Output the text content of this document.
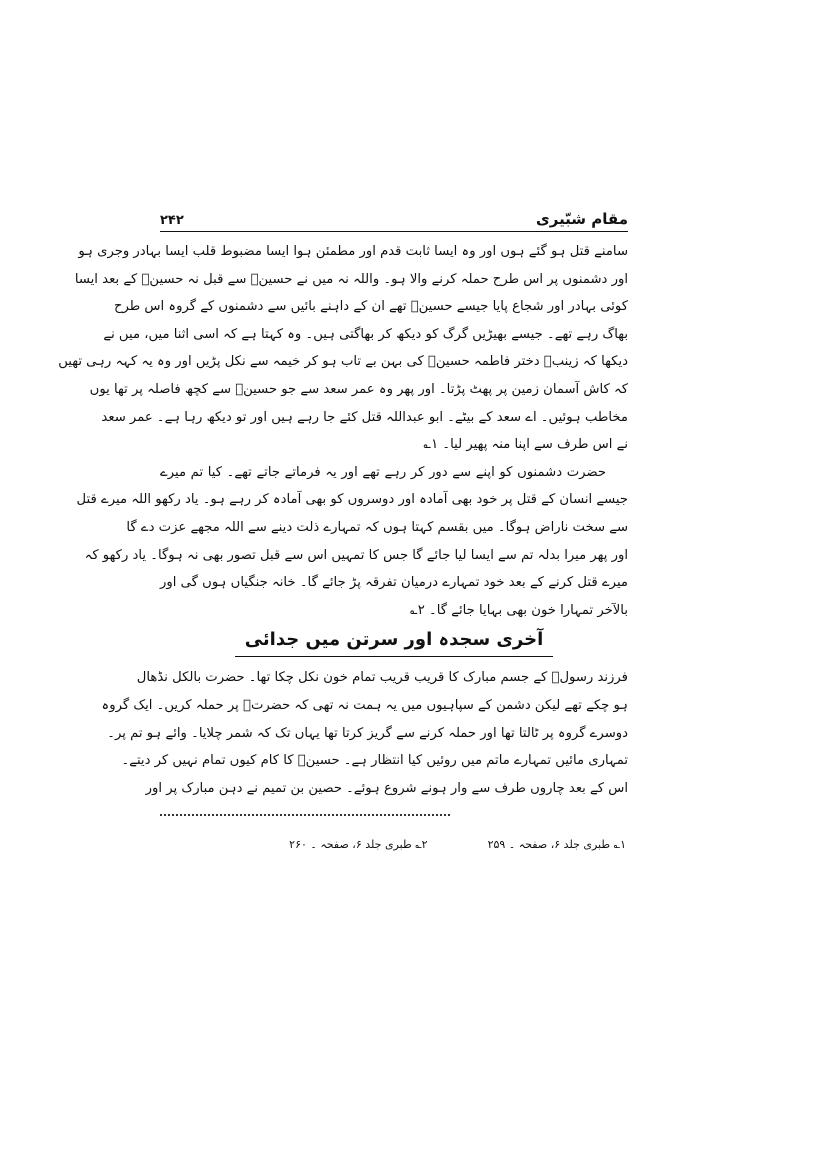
مقام شبّیری
۲۴۲
سامنے قتل ہو گئے ہوں اور وہ ایسا ثابت قدم اور مطمئن ہوا ایسا مضبوط قلب ایسا بہادر وجری ہو
اور دشمنوں پر اس طرح حملہ کرنے والا ہو۔ واللہ نہ میں نے حسینؑ سے قبل نہ حسینؑ کے بعد ایسا
کوئی بہادر اور شجاع پایا جیسے حسینؑ تھے ان کے داہنے بائیں سے دشمنوں کے گروہ اس طرح
بھاگ رہے تھے۔ جیسے بھیڑیں گرگ کو دیکھ کر بھاگتی ہیں۔ وہ کہتا ہے کہ اسی اثنا میں، میں نے
دیکھا کہ زینبؑ دختر فاطمہ حسینؑ کی بہن بے تاب ہو کر خیمہ سے نکل پڑیں اور وہ یہ کہہ رہی تھیں
کہ کاش آسمان زمین پر پھٹ پڑتا۔ اور پھر وہ عمر سعد سے جو حسینؑ سے کچھ فاصلہ پر تھا یوں
مخاطب ہوئیں۔ اے سعد کے بیٹے۔ ابو عبداللہ قتل کئے جا رہے ہیں اور تو دیکھ رہا ہے۔ عمر سعد
نے اس طرف سے اپنا منہ پھیر لیا۔ ۱؎
حضرت دشمنوں کو اپنے سے دور کر رہے تھے اور یہ فرماتے جاتے تھے۔ کیا تم میرے
جیسے انسان کے قتل پر خود بھی آمادہ اور دوسروں کو بھی آمادہ کر رہے ہو۔ یاد رکھو اللہ میرے قتل
سے سخت ناراض ہوگا۔ میں بقسم کہتا ہوں کہ تمہارے ذلت دینے سے اللہ مجھے عزت دے گا
اور پھر میرا بدلہ تم سے ایسا لیا جائے گا جس کا تمہیں اس سے قبل تصور بھی نہ ہوگا۔ یاد رکھو کہ
میرے قتل کرنے کے بعد خود تمہارے درمیان تفرقہ پڑ جائے گا۔ خانہ جنگیاں ہوں گی اور
بالآخر تمہارا خون بھی بہایا جائے گا۔ ۲؎
آخری سجدہ اور سرتن میں جدائی
فرزند رسولؐ کے جسم مبارک کا قریب قریب تمام خون نکل چکا تھا۔ حضرت بالکل نڈھال
ہو چکے تھے لیکن دشمن کے سپاہیوں میں یہ ہمت نہ تھی کہ حضرتؑ پر حملہ کریں۔ ایک گروہ
دوسرے گروہ پر ٹالتا تھا اور حملہ کرنے سے گریز کرتا تھا یہاں تک کہ شمر چلایا۔ وائے ہو تم پر۔
تمہاری مائیں تمہارے ماتم میں روئیں کیا انتظار ہے۔ حسینؑ کا کام کیوں تمام نہیں کر دیتے۔
اس کے بعد چاروں طرف سے وار ہونے شروع ہوئے۔ حصین بن تمیم نے دہن مبارک پر اور
۱؎ طبری جلد ۶، صفحہ ۔ ۲۵۹
۲؎ طبری جلد ۶، صفحہ ۔ ۲۶۰
